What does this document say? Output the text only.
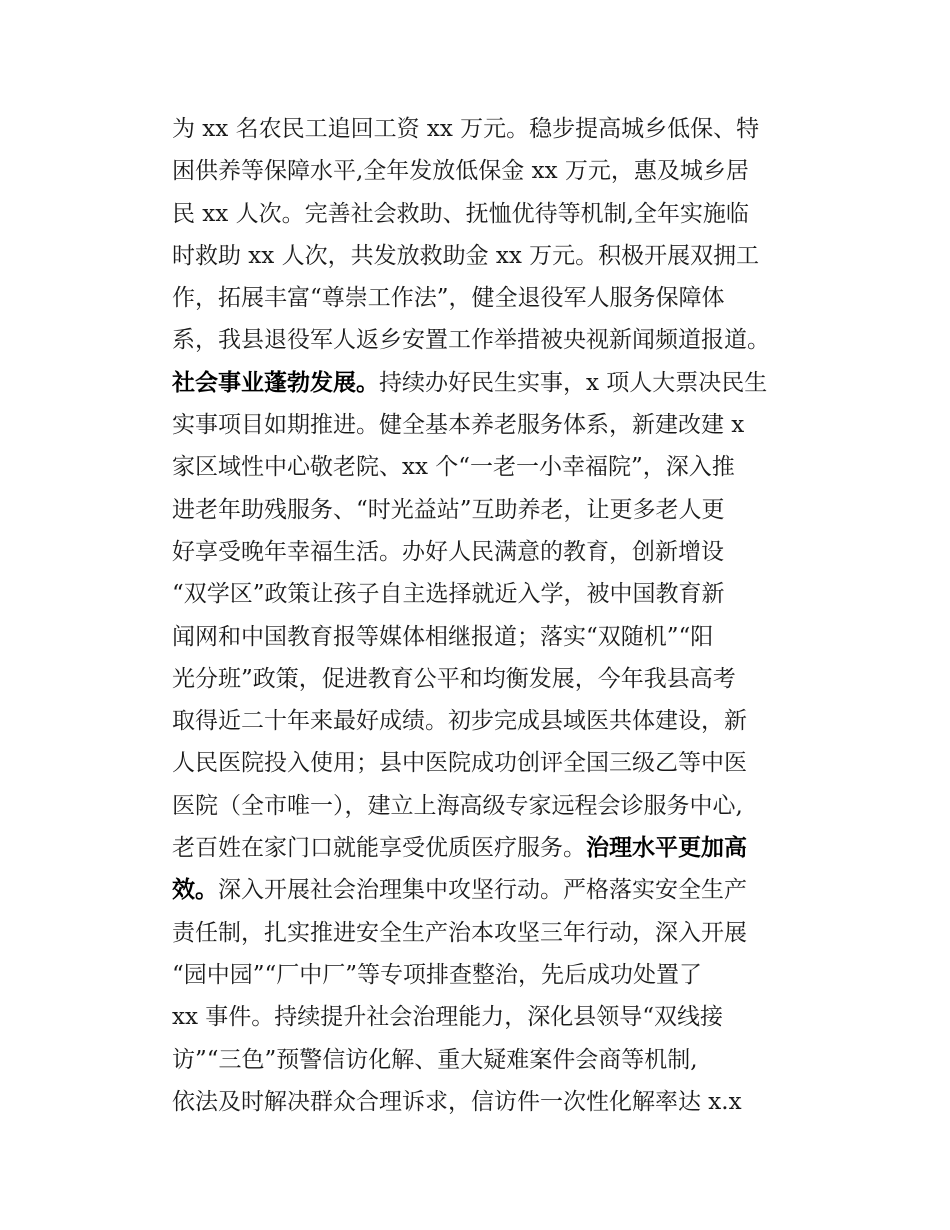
为 xx 名农民工追回工资 xx 万元。稳步提高城乡低保、特
困供养等保障水平,全年发放低保金 xx 万元，惠及城乡居
民 xx 人次。完善社会救助、抚恤优待等机制,全年实施临
时救助 xx 人次，共发放救助金 xx 万元。积极开展双拥工
作，拓展丰富“尊崇工作法”，健全退役军人服务保障体
系，我县退役军人返乡安置工作举措被央视新闻频道报道。
社会事业蓬勃发展。持续办好民生实事，x 项人大票决民生
实事项目如期推进。健全基本养老服务体系，新建改建 x
家区域性中心敬老院、xx 个“一老一小幸福院”，深入推
进老年助残服务、“时光益站”互助养老，让更多老人更
好享受晚年幸福生活。办好人民满意的教育，创新增设
“双学区”政策让孩子自主选择就近入学，被中国教育新
闻网和中国教育报等媒体相继报道；落实“双随机”“阳
光分班”政策，促进教育公平和均衡发展，今年我县高考
取得近二十年来最好成绩。初步完成县域医共体建设，新
人民医院投入使用；县中医院成功创评全国三级乙等中医
医院（全市唯一），建立上海高级专家远程会诊服务中心,
老百姓在家门口就能享受优质医疗服务。治理水平更加高
效。深入开展社会治理集中攻坚行动。严格落实安全生产
责任制，扎实推进安全生产治本攻坚三年行动，深入开展
“园中园”“厂中厂”等专项排查整治，先后成功处置了
xx 事件。持续提升社会治理能力，深化县领导“双线接
访”“三色”预警信访化解、重大疑难案件会商等机制,
依法及时解决群众合理诉求，信访件一次性化解率达 x.x
